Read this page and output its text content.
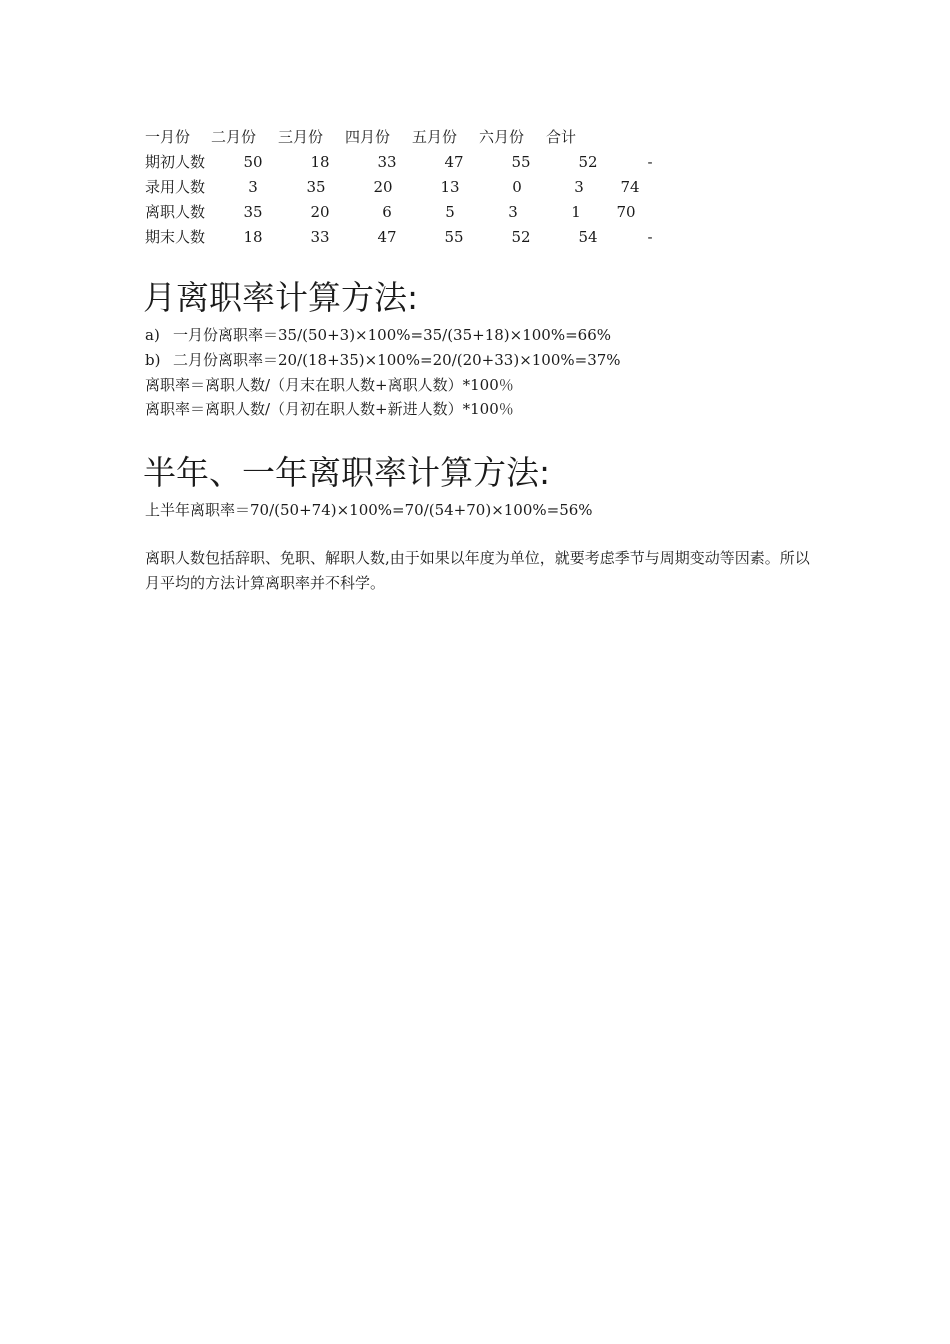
一月份 二月份 三月份 四月份 五月份 六月份 合计
期初人数	50	18	33	47	55	52	-
录用人数	3	35	20	13	0	3	74
离职人数	35	20	6	5	3	1	70
期末人数	18	33	47	55	52	54	-
月离职率计算方法:
a) 一月份离职率＝35/(50+3)×100%=35/(35+18)×100%=66%
b) 二月份离职率＝20/(18+35)×100%=20/(20+33)×100%=37%
离职率＝离职人数/（月末在职人数+离职人数）*100％
离职率＝离职人数/（月初在职人数+新进人数）*100％
半年、一年离职率计算方法:
上半年离职率＝70/(50+74)×100%=70/(54+70)×100%=56%
离职人数包括辞职、免职、解职人数,由于如果以年度为单位，就要考虑季节与周期变动等因素。所以月平均的方法计算离职率并不科学。
